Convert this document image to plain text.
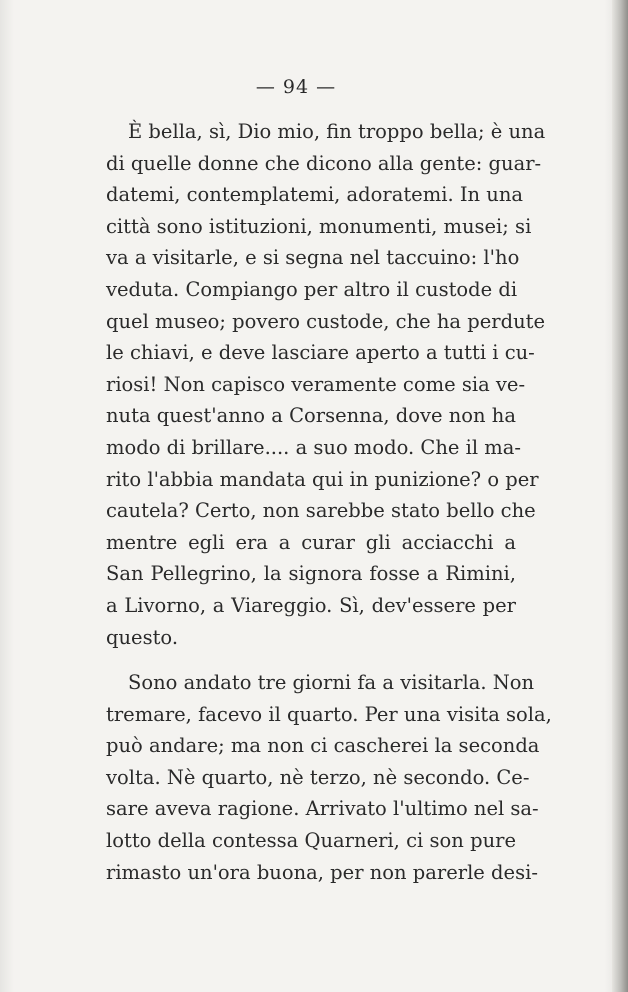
— 94 —

È bella, sì, Dio mio, fin troppo bella; è una
di quelle donne che dicono alla gente: guar-
datemi, contemplatemi, adoratemi. In una
città sono istituzioni, monumenti, musei; si
va a visitarle, e si segna nel taccuino: l'ho
veduta. Compiango per altro il custode di
quel museo; povero custode, che ha perdute
le chiavi, e deve lasciare aperto a tutti i cu-
riosi! Non capisco veramente come sia ve-
nuta quest'anno a Corsenna, dove non ha
modo di brillare.... a suo modo. Che il ma-
rito l'abbia mandata qui in punizione? o per
cautela? Certo, non sarebbe stato bello che
mentre egli era a curar gli acciacchi a
San Pellegrino, la signora fosse a Rimini,
a Livorno, a Viareggio. Sì, dev'essere per
questo.

Sono andato tre giorni fa a visitarla. Non
tremare, facevo il quarto. Per una visita sola,
può andare; ma non ci cascherei la seconda
volta. Nè quarto, nè terzo, nè secondo. Ce-
sare aveva ragione. Arrivato l'ultimo nel sa-
lotto della contessa Quarneri, ci son pure
rimasto un'ora buona, per non parerle desi-
